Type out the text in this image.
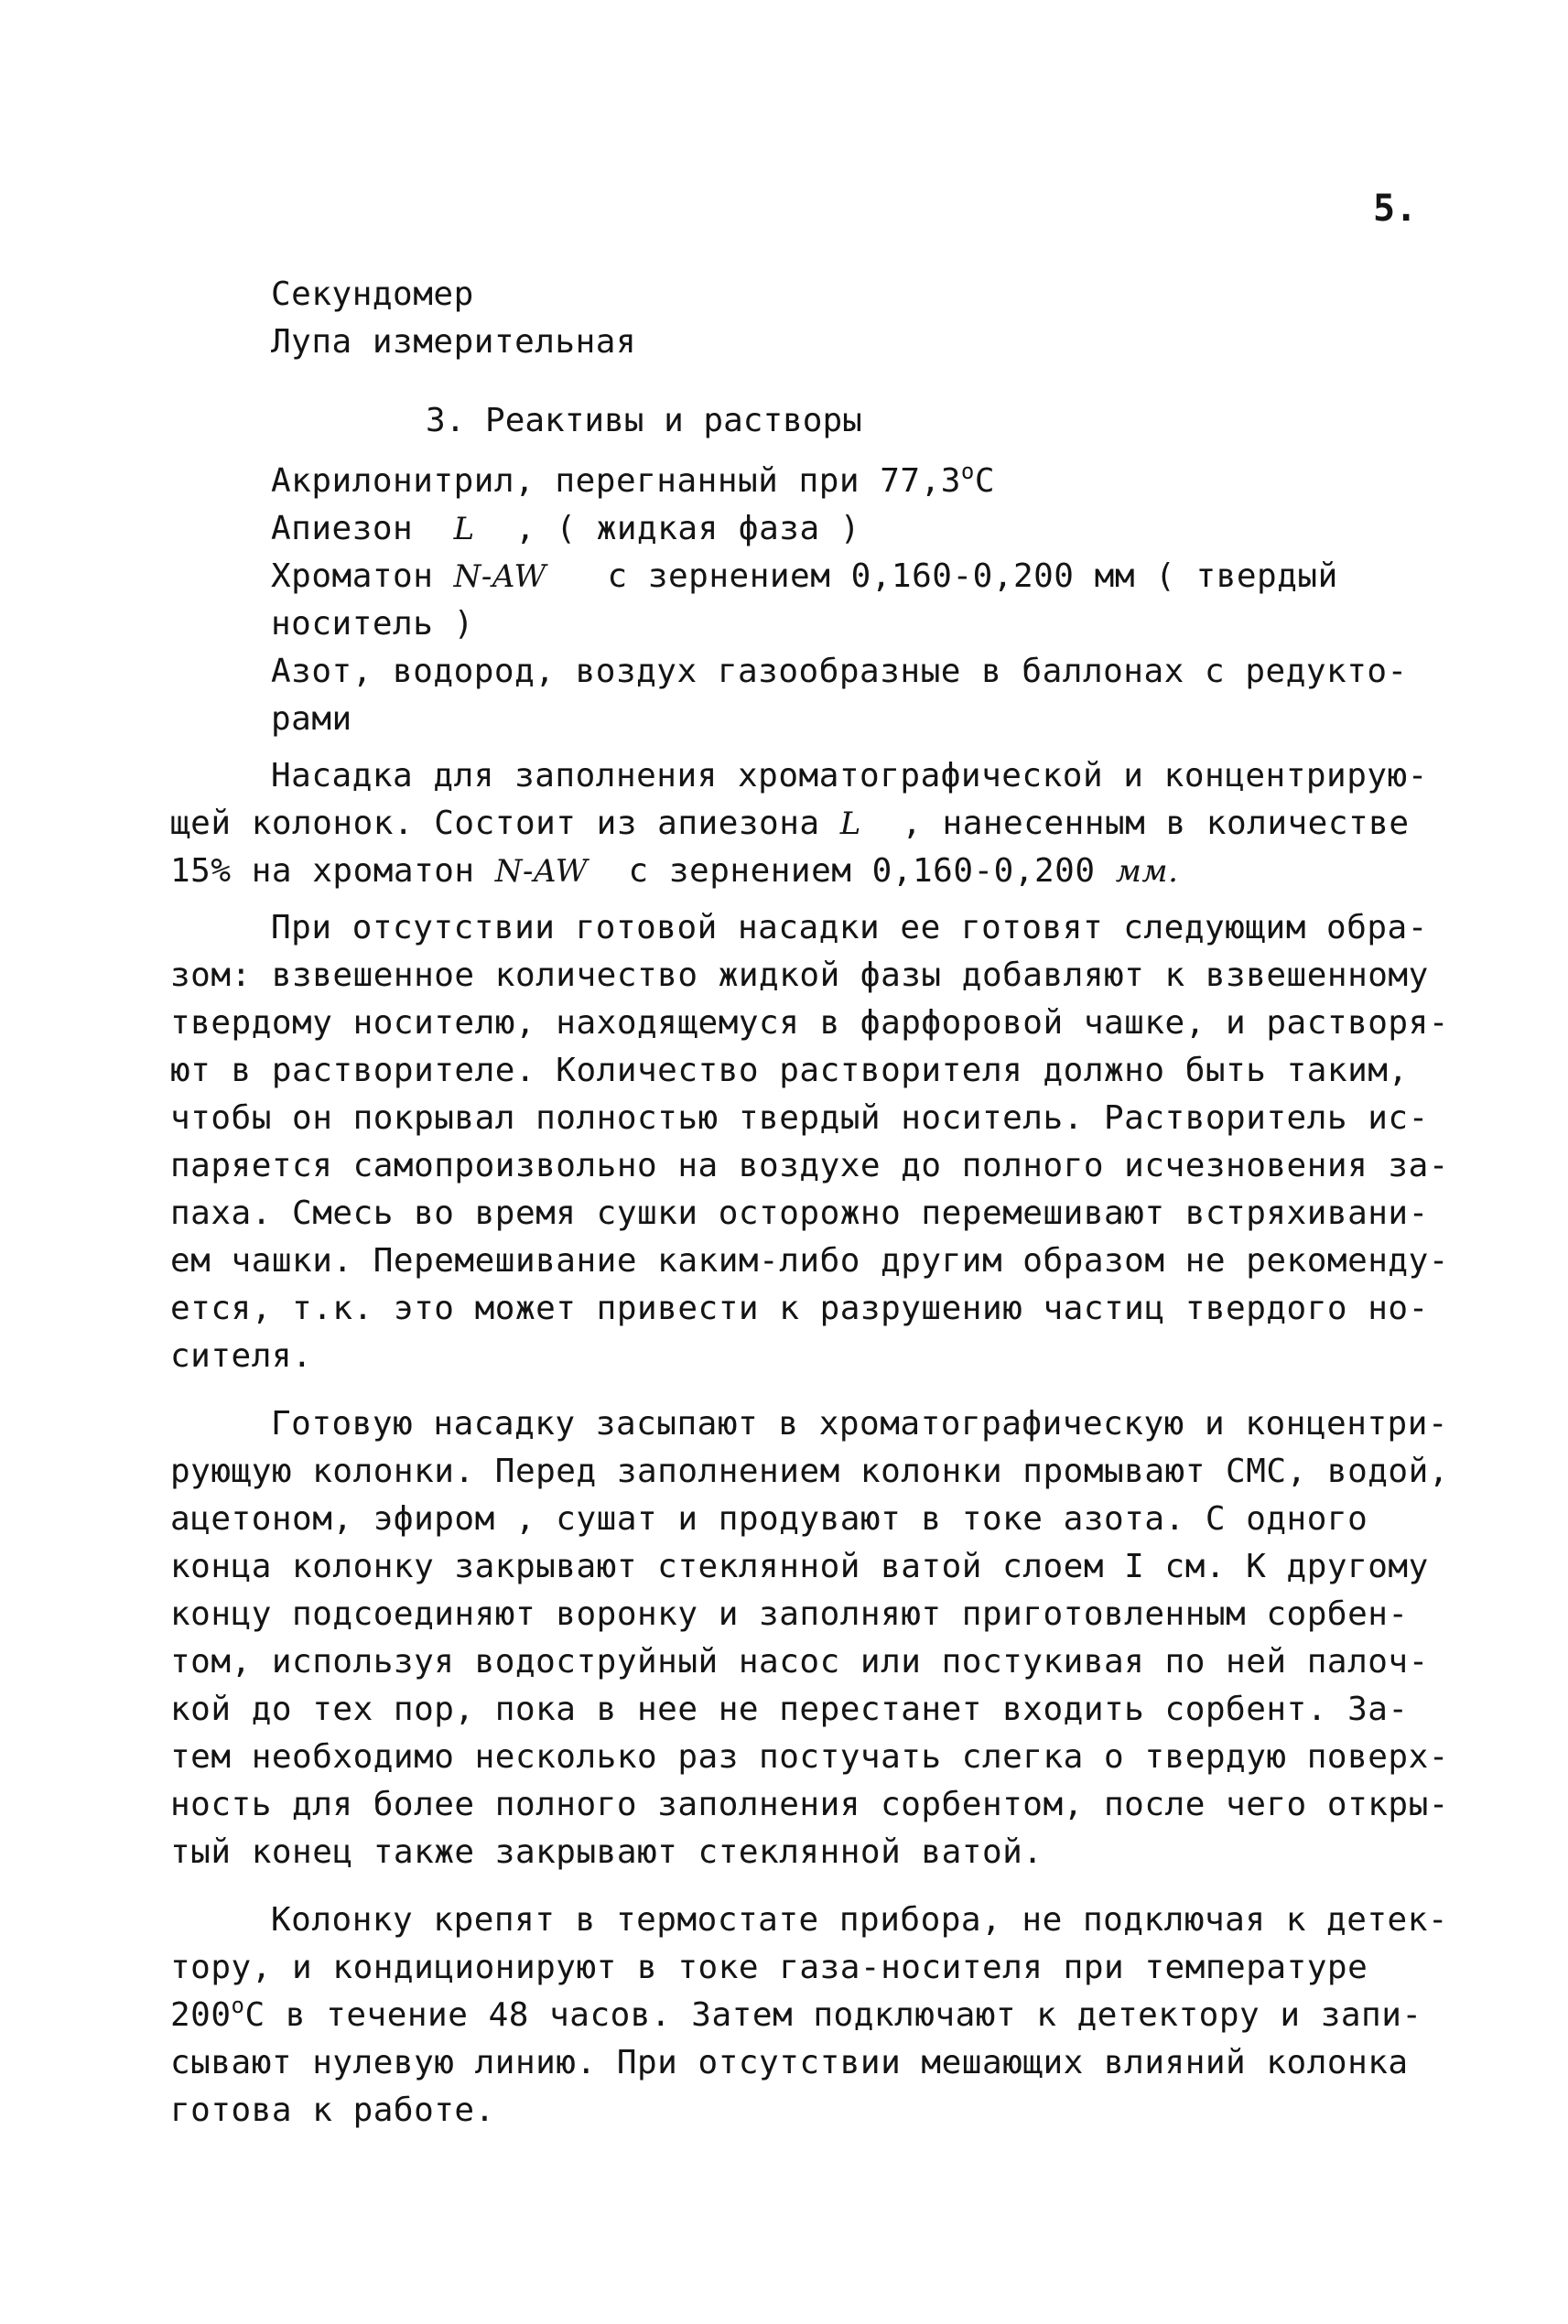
5.
Секундомер
Лупа измерительная
3. Реактивы и растворы
Акрилонитрил, перегнанный при $77,3^оС$
Апиезон L , ( жидкая фаза )
Хроматон N-AW с зернением 0,160-0,200 мм ( твердый
носитель )
Азот, водород, воздух газообразные в баллонах с редукто-
рами
Насадка для заполнения хроматографической и концентрирую-
щей колонок. Состоит из апиезона L , нанесенным в количестве
15% на хроматон N-AW с зернением 0,160-0,200 мм.
При отсутствии готовой насадки ее готовят следующим обра-
зом: взвешенное количество жидкой фазы добавляют к взвешенному
твердому носителю, находящемуся в фарфоровой чашке, и растворя-
ют в растворителе. Количество растворителя должно быть таким,
чтобы он покрывал полностью твердый носитель. Растворитель ис-
паряется самопроизвольно на воздухе до полного исчезновения за-
паха. Смесь во время сушки осторожно перемешивают встряхивани-
ем чашки. Перемешивание каким-либо другим образом не рекоменду-
ется, т.к. это может привести к разрушению частиц твердого но-
сителя.
Готовую насадку засыпают в хроматографическую и концентри-
рующую колонки. Перед заполнением колонки промывают СМС, водой,
ацетоном, эфиром , сушат и продувают в токе азота. С одного
конца колонку закрывают стеклянной ватой слоем I см. К другому
концу подсоединяют воронку и заполняют приготовленным сорбен-
том, используя водоструйный насос или постукивая по ней палоч-
кой до тех пор, пока в нее не перестанет входить сорбент. За-
тем необходимо несколько раз постучать слегка о твердую поверх-
ность для более полного заполнения сорбентом, после чего откры-
тый конец также закрывают стеклянной ватой.
Колонку крепят в термостате прибора, не подключая к детек-
тору, и кондиционируют в токе газа-носителя при температуре
$200^оС$ в течение 48 часов. Затем подключают к детектору и запи-
сывают нулевую линию. При отсутствии мешающих влияний колонка
готова к работе.
